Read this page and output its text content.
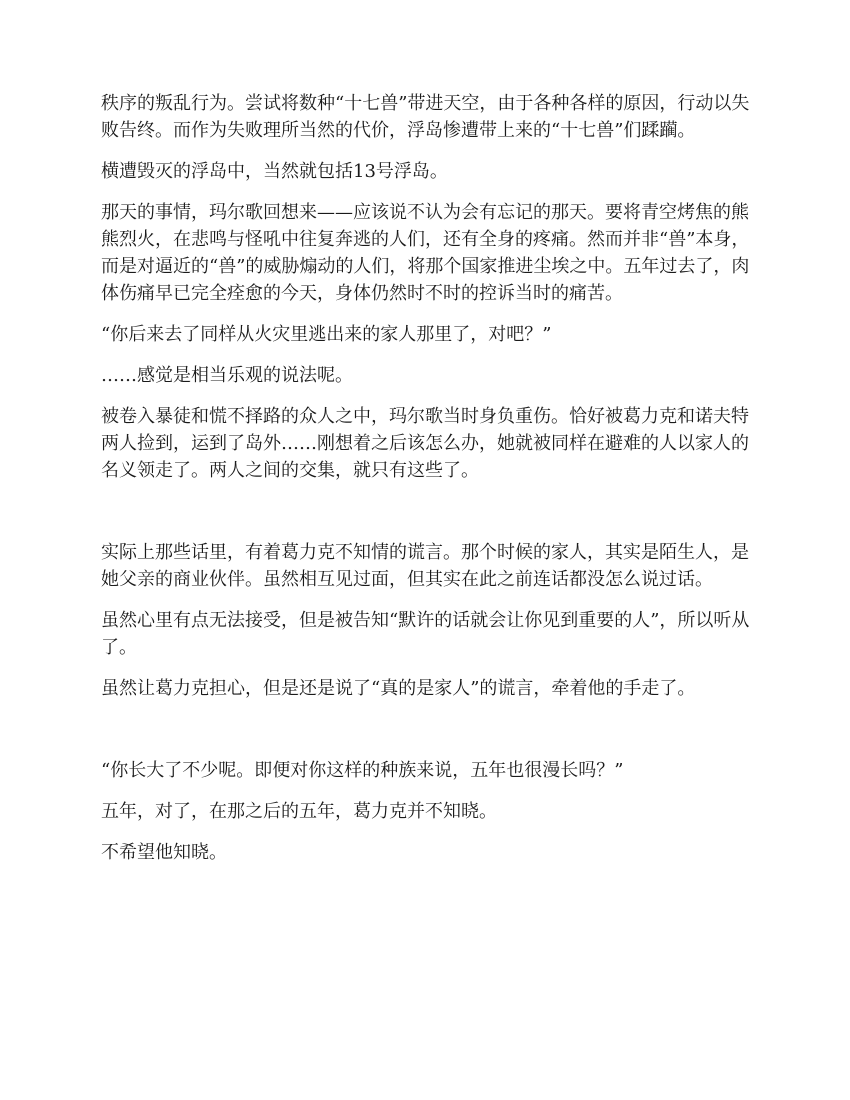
秩序的叛乱行为。尝试将数种“十七兽”带进天空，由于各种各样的原因，行动以失败告终。而作为失败理所当然的代价，浮岛惨遭带上来的“十七兽”们蹂躏。

横遭毁灭的浮岛中，当然就包括13号浮岛。

那天的事情，玛尔歌回想来——应该说不认为会有忘记的那天。要将青空烤焦的熊熊烈火，在悲鸣与怪吼中往复奔逃的人们，还有全身的疼痛。然而并非“兽”本身，而是对逼近的“兽”的威胁煽动的人们，将那个国家推进尘埃之中。五年过去了，肉体伤痛早已完全痊愈的今天，身体仍然时不时的控诉当时的痛苦。

“你后来去了同样从火灾里逃出来的家人那里了，对吧？”

……感觉是相当乐观的说法呢。

被卷入暴徒和慌不择路的众人之中，玛尔歌当时身负重伤。恰好被葛力克和诺夫特两人捡到，运到了岛外……刚想着之后该怎么办，她就被同样在避难的人以家人的名义领走了。两人之间的交集，就只有这些了。

实际上那些话里，有着葛力克不知情的谎言。那个时候的家人，其实是陌生人，是她父亲的商业伙伴。虽然相互见过面，但其实在此之前连话都没怎么说过话。

虽然心里有点无法接受，但是被告知“默许的话就会让你见到重要的人”，所以听从了。

虽然让葛力克担心，但是还是说了“真的是家人”的谎言，牵着他的手走了。

“你长大了不少呢。即便对你这样的种族来说，五年也很漫长吗？”

五年，对了，在那之后的五年，葛力克并不知晓。

不希望他知晓。
